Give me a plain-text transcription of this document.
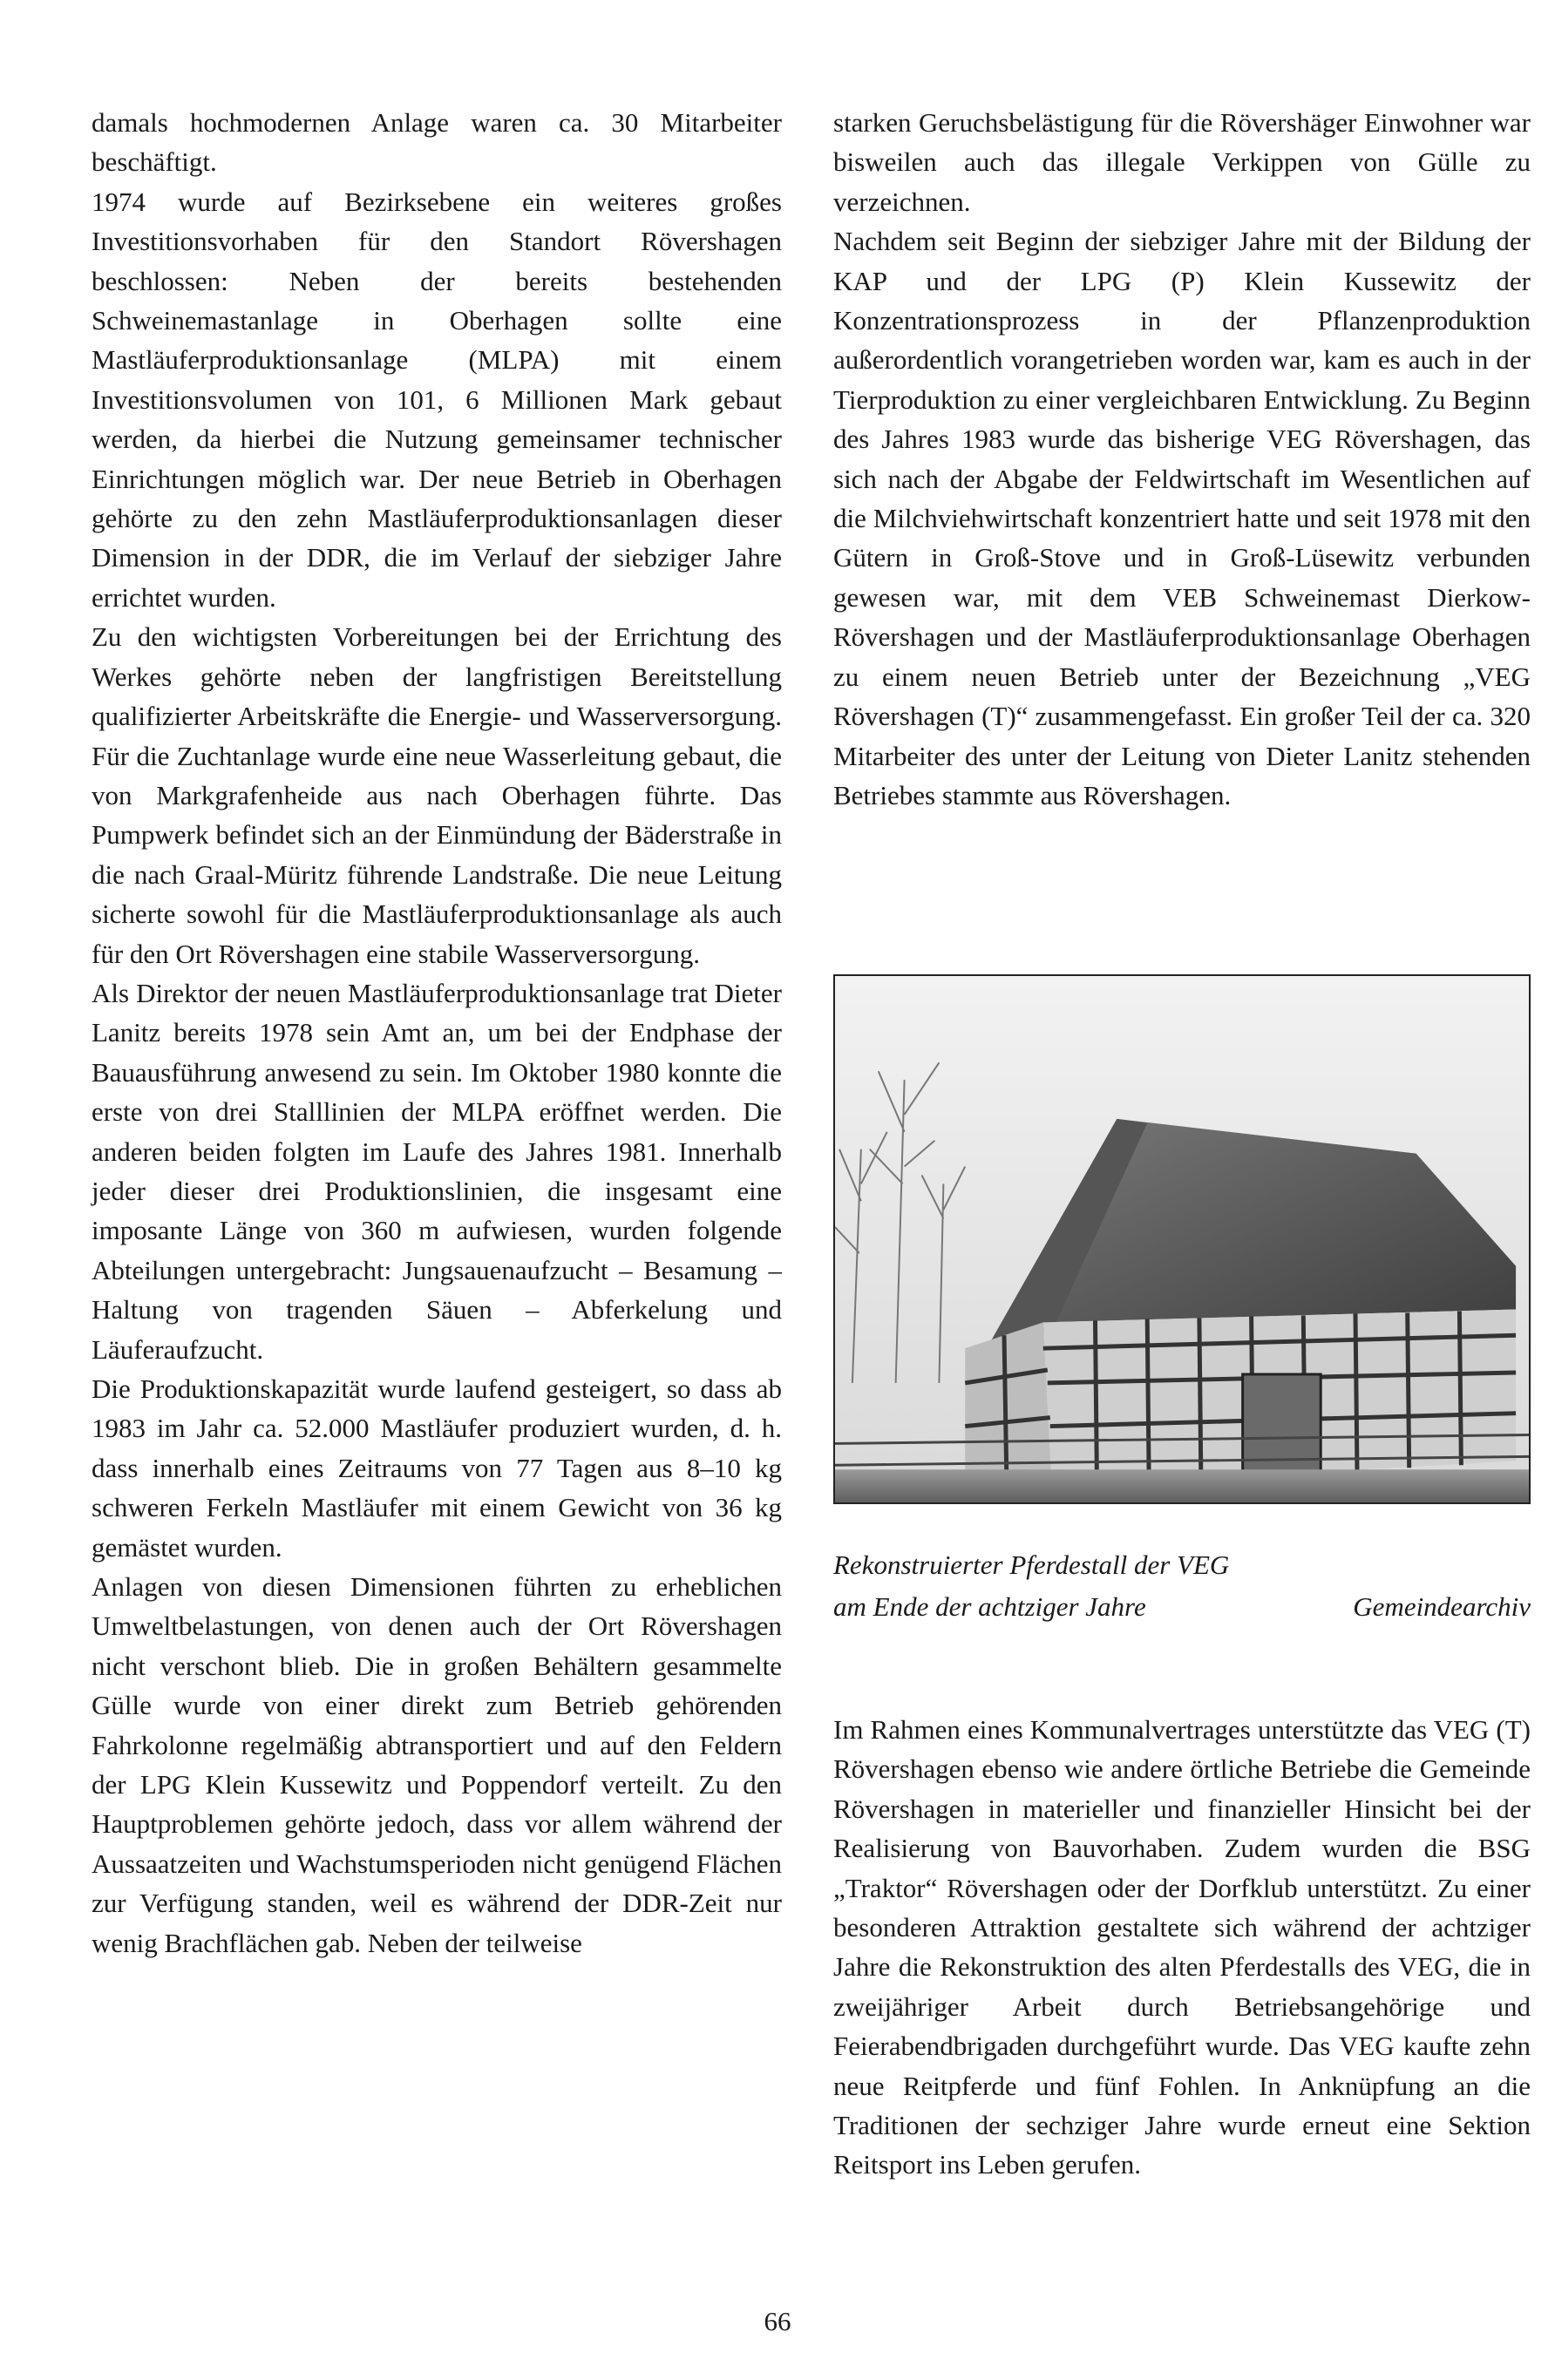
damals hochmodernen Anlage waren ca. 30 Mitarbeiter beschäftigt.

1974 wurde auf Bezirksebene ein weiteres großes Investitionsvorhaben für den Standort Rövershagen beschlossen: Neben der bereits bestehenden Schweinemastanlage in Oberhagen sollte eine Mastläuferproduktionsanlage (MLPA) mit einem Investitionsvolumen von 101, 6 Millionen Mark gebaut werden, da hierbei die Nutzung gemeinsamer technischer Einrichtungen möglich war. Der neue Betrieb in Oberhagen gehörte zu den zehn Mastläuferproduktionsanlagen dieser Dimension in der DDR, die im Verlauf der siebziger Jahre errichtet wurden.

Zu den wichtigsten Vorbereitungen bei der Errichtung des Werkes gehörte neben der langfristigen Bereitstellung qualifizierter Arbeitskräfte die Energie- und Wasserversorgung. Für die Zuchtanlage wurde eine neue Wasserleitung gebaut, die von Markgrafenheide aus nach Oberhagen führte. Das Pumpwerk befindet sich an der Einmündung der Bäderstraße in die nach Graal-Müritz führende Landstraße. Die neue Leitung sicherte sowohl für die Mastläuferproduktionsanlage als auch für den Ort Rövershagen eine stabile Wasserversorgung.

Als Direktor der neuen Mastläuferproduktionsanlage trat Dieter Lanitz bereits 1978 sein Amt an, um bei der Endphase der Bauausführung anwesend zu sein. Im Oktober 1980 konnte die erste von drei Stalllinien der MLPA eröffnet werden. Die anderen beiden folgten im Laufe des Jahres 1981. Innerhalb jeder dieser drei Produktionslinien, die insgesamt eine imposante Länge von 360 m aufwiesen, wurden folgende Abteilungen untergebracht: Jungsauenaufzucht – Besamung – Haltung von tragenden Säuen – Abferkelung und Läuferaufzucht.

Die Produktionskapazität wurde laufend gesteigert, so dass ab 1983 im Jahr ca. 52.000 Mastläufer produziert wurden, d. h. dass innerhalb eines Zeitraums von 77 Tagen aus 8–10 kg schweren Ferkeln Mastläufer mit einem Gewicht von 36 kg gemästet wurden.

Anlagen von diesen Dimensionen führten zu erheblichen Umweltbelastungen, von denen auch der Ort Rövershagen nicht verschont blieb. Die in großen Behältern gesammelte Gülle wurde von einer direkt zum Betrieb gehörenden Fahrkolonne regelmäßig abtransportiert und auf den Feldern der LPG Klein Kussewitz und Poppendorf verteilt. Zu den Hauptproblemen gehörte jedoch, dass vor allem während der Aussaatzeiten und Wachstumsperioden nicht genügend Flächen zur Verfügung standen, weil es während der DDR-Zeit nur wenig Brachflächen gab. Neben der teilweise

starken Geruchsbelästigung für die Rövershäger Einwohner war bisweilen auch das illegale Verkippen von Gülle zu verzeichnen.

Nachdem seit Beginn der siebziger Jahre mit der Bildung der KAP und der LPG (P) Klein Kussewitz der Konzentrationsprozess in der Pflanzenproduktion außerordentlich vorangetrieben worden war, kam es auch in der Tierproduktion zu einer vergleichbaren Entwicklung. Zu Beginn des Jahres 1983 wurde das bisherige VEG Rövershagen, das sich nach der Abgabe der Feldwirtschaft im Wesentlichen auf die Milchviehwirtschaft konzentriert hatte und seit 1978 mit den Gütern in Groß-Stove und in Groß-Lüsewitz verbunden gewesen war, mit dem VEB Schweinemast Dierkow-Rövershagen und der Mastläuferproduktionsanlage Oberhagen zu einem neuen Betrieb unter der Bezeichnung „VEG Rövershagen (T)“ zusammengefasst. Ein großer Teil der ca. 320 Mitarbeiter des unter der Leitung von Dieter Lanitz stehenden Betriebes stammte aus Rövershagen.

Rekonstruierter Pferdestall der VEG
am Ende der achtziger Jahre	Gemeindearchiv

Im Rahmen eines Kommunalvertrages unterstützte das VEG (T) Rövershagen ebenso wie andere örtliche Betriebe die Gemeinde Rövershagen in materieller und finanzieller Hinsicht bei der Realisierung von Bauvorhaben. Zudem wurden die BSG „Traktor“ Rövershagen oder der Dorfklub unterstützt. Zu einer besonderen Attraktion gestaltete sich während der achtziger Jahre die Rekonstruktion des alten Pferdestalls des VEG, die in zweijähriger Arbeit durch Betriebsangehörige und Feierabendbrigaden durchgeführt wurde. Das VEG kaufte zehn neue Reitpferde und fünf Fohlen. In Anknüpfung an die Traditionen der sechziger Jahre wurde erneut eine Sektion Reitsport ins Leben gerufen.

66
